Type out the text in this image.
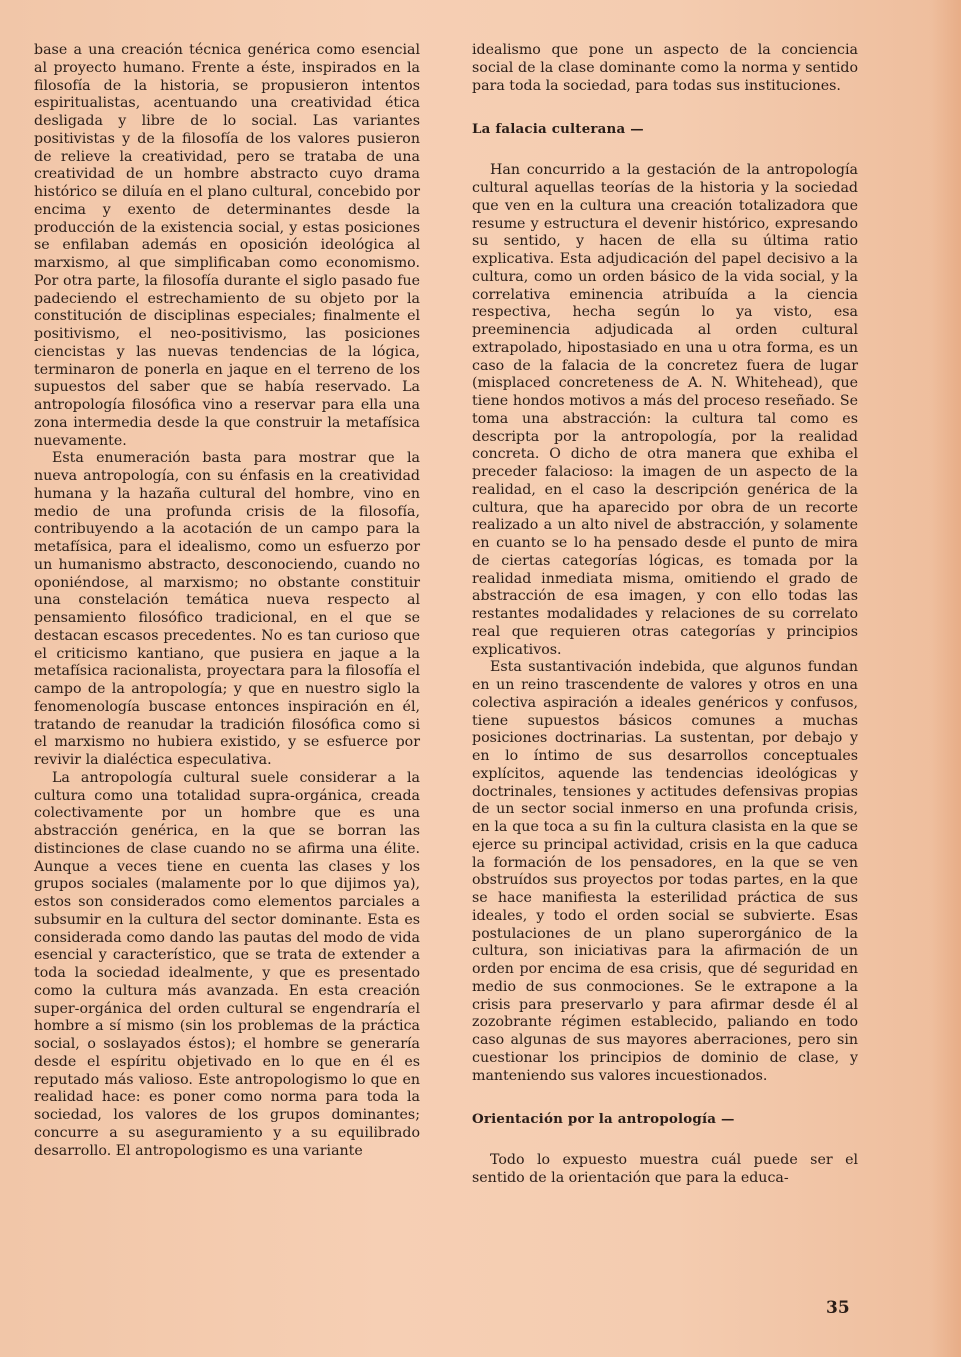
base a una creación técnica genérica como esencial al proyecto humano. Frente a éste, inspirados en la filosofía de la historia, se propusieron intentos espiritualistas, acentuando una creatividad ética desligada y libre de lo social. Las variantes positivistas y de la filosofía de los valores pusieron de relieve la creatividad, pero se trataba de una creatividad de un hombre abstracto cuyo drama histórico se diluía en el plano cultural, concebido por encima y exento de determinantes desde la producción de la existencia social, y estas posiciones se enfilaban además en oposición ideológica al marxismo, al que simplificaban como economismo. Por otra parte, la filosofía durante el siglo pasado fue padeciendo el estrechamiento de su objeto por la constitución de disciplinas especiales; finalmente el positivismo, el neo-positivismo, las posiciones ciencistas y las nuevas tendencias de la lógica, terminaron de ponerla en jaque en el terreno de los supuestos del saber que se había reservado. La antropología filosófica vino a reservar para ella una zona intermedia desde la que construir la metafísica nuevamente.

Esta enumeración basta para mostrar que la nueva antropología, con su énfasis en la creatividad humana y la hazaña cultural del hombre, vino en medio de una profunda crisis de la filosofía, contribuyendo a la acotación de un campo para la metafísica, para el idealismo, como un esfuerzo por un humanismo abstracto, desconociendo, cuando no oponiéndose, al marxismo; no obstante constituir una constelación temática nueva respecto al pensamiento filosófico tradicional, en el que se destacan escasos precedentes. No es tan curioso que el criticismo kantiano, que pusiera en jaque a la metafísica racionalista, proyectara para la filosofía el campo de la antropología; y que en nuestro siglo la fenomenología buscase entonces inspiración en él, tratando de reanudar la tradición filosófica como si el marxismo no hubiera existido, y se esfuerce por revivir la dialéctica especulativa.

La antropología cultural suele considerar a la cultura como una totalidad supra-orgánica, creada colectivamente por un hombre que es una abstracción genérica, en la que se borran las distinciones de clase cuando no se afirma una élite. Aunque a veces tiene en cuenta las clases y los grupos sociales (malamente por lo que dijimos ya), estos son considerados como elementos parciales a subsumir en la cultura del sector dominante. Esta es considerada como dando las pautas del modo de vida esencial y característico, que se trata de extender a toda la sociedad idealmente, y que es presentado como la cultura más avanzada. En esta creación super-orgánica del orden cultural se engendraría el hombre a sí mismo (sin los problemas de la práctica social, o soslayados éstos); el hombre se generaría desde el espíritu objetivado en lo que en él es reputado más valioso. Este antropologismo lo que en realidad hace: es poner como norma para toda la sociedad, los valores de los grupos dominantes; concurre a su aseguramiento y a su equilibrado desarrollo. El antropologismo es una variante

idealismo que pone un aspecto de la conciencia social de la clase dominante como la norma y sentido para toda la sociedad, para todas sus instituciones.

La falacia culterana —

Han concurrido a la gestación de la antropología cultural aquellas teorías de la historia y la sociedad que ven en la cultura una creación totalizadora que resume y estructura el devenir histórico, expresando su sentido, y hacen de ella su última ratio explicativa. Esta adjudicación del papel decisivo a la cultura, como un orden básico de la vida social, y la correlativa eminencia atribuída a la ciencia respectiva, hecha según lo ya visto, esa preeminencia adjudicada al orden cultural extrapolado, hipostasiado en una u otra forma, es un caso de la falacia de la concretez fuera de lugar (misplaced concreteness de A. N. Whitehead), que tiene hondos motivos a más del proceso reseñado. Se toma una abstracción: la cultura tal como es descripta por la antropología, por la realidad concreta. O dicho de otra manera que exhiba el preceder falacioso: la imagen de un aspecto de la realidad, en el caso la descripción genérica de la cultura, que ha aparecido por obra de un recorte realizado a un alto nivel de abstracción, y solamente en cuanto se lo ha pensado desde el punto de mira de ciertas categorías lógicas, es tomada por la realidad inmediata misma, omitiendo el grado de abstracción de esa imagen, y con ello todas las restantes modalidades y relaciones de su correlato real que requieren otras categorías y principios explicativos.

Esta sustantivación indebida, que algunos fundan en un reino trascendente de valores y otros en una colectiva aspiración a ideales genéricos y confusos, tiene supuestos básicos comunes a muchas posiciones doctrinarias. La sustentan, por debajo y en lo íntimo de sus desarrollos conceptuales explícitos, aquende las tendencias ideológicas y doctrinales, tensiones y actitudes defensivas propias de un sector social inmerso en una profunda crisis, en la que toca a su fin la cultura clasista en la que se ejerce su principal actividad, crisis en la que caduca la formación de los pensadores, en la que se ven obstruídos sus proyectos por todas partes, en la que se hace manifiesta la esterilidad práctica de sus ideales, y todo el orden social se subvierte. Esas postulaciones de un plano superorgánico de la cultura, son iniciativas para la afirmación de un orden por encima de esa crisis, que dé seguridad en medio de sus conmociones. Se le extrapone a la crisis para preservarlo y para afirmar desde él al zozobrante régimen establecido, paliando en todo caso algunas de sus mayores aberraciones, pero sin cuestionar los principios de dominio de clase, y manteniendo sus valores incuestionados.

Orientación por la antropología —

Todo lo expuesto muestra cuál puede ser el sentido de la orientación que para la educa-

35
